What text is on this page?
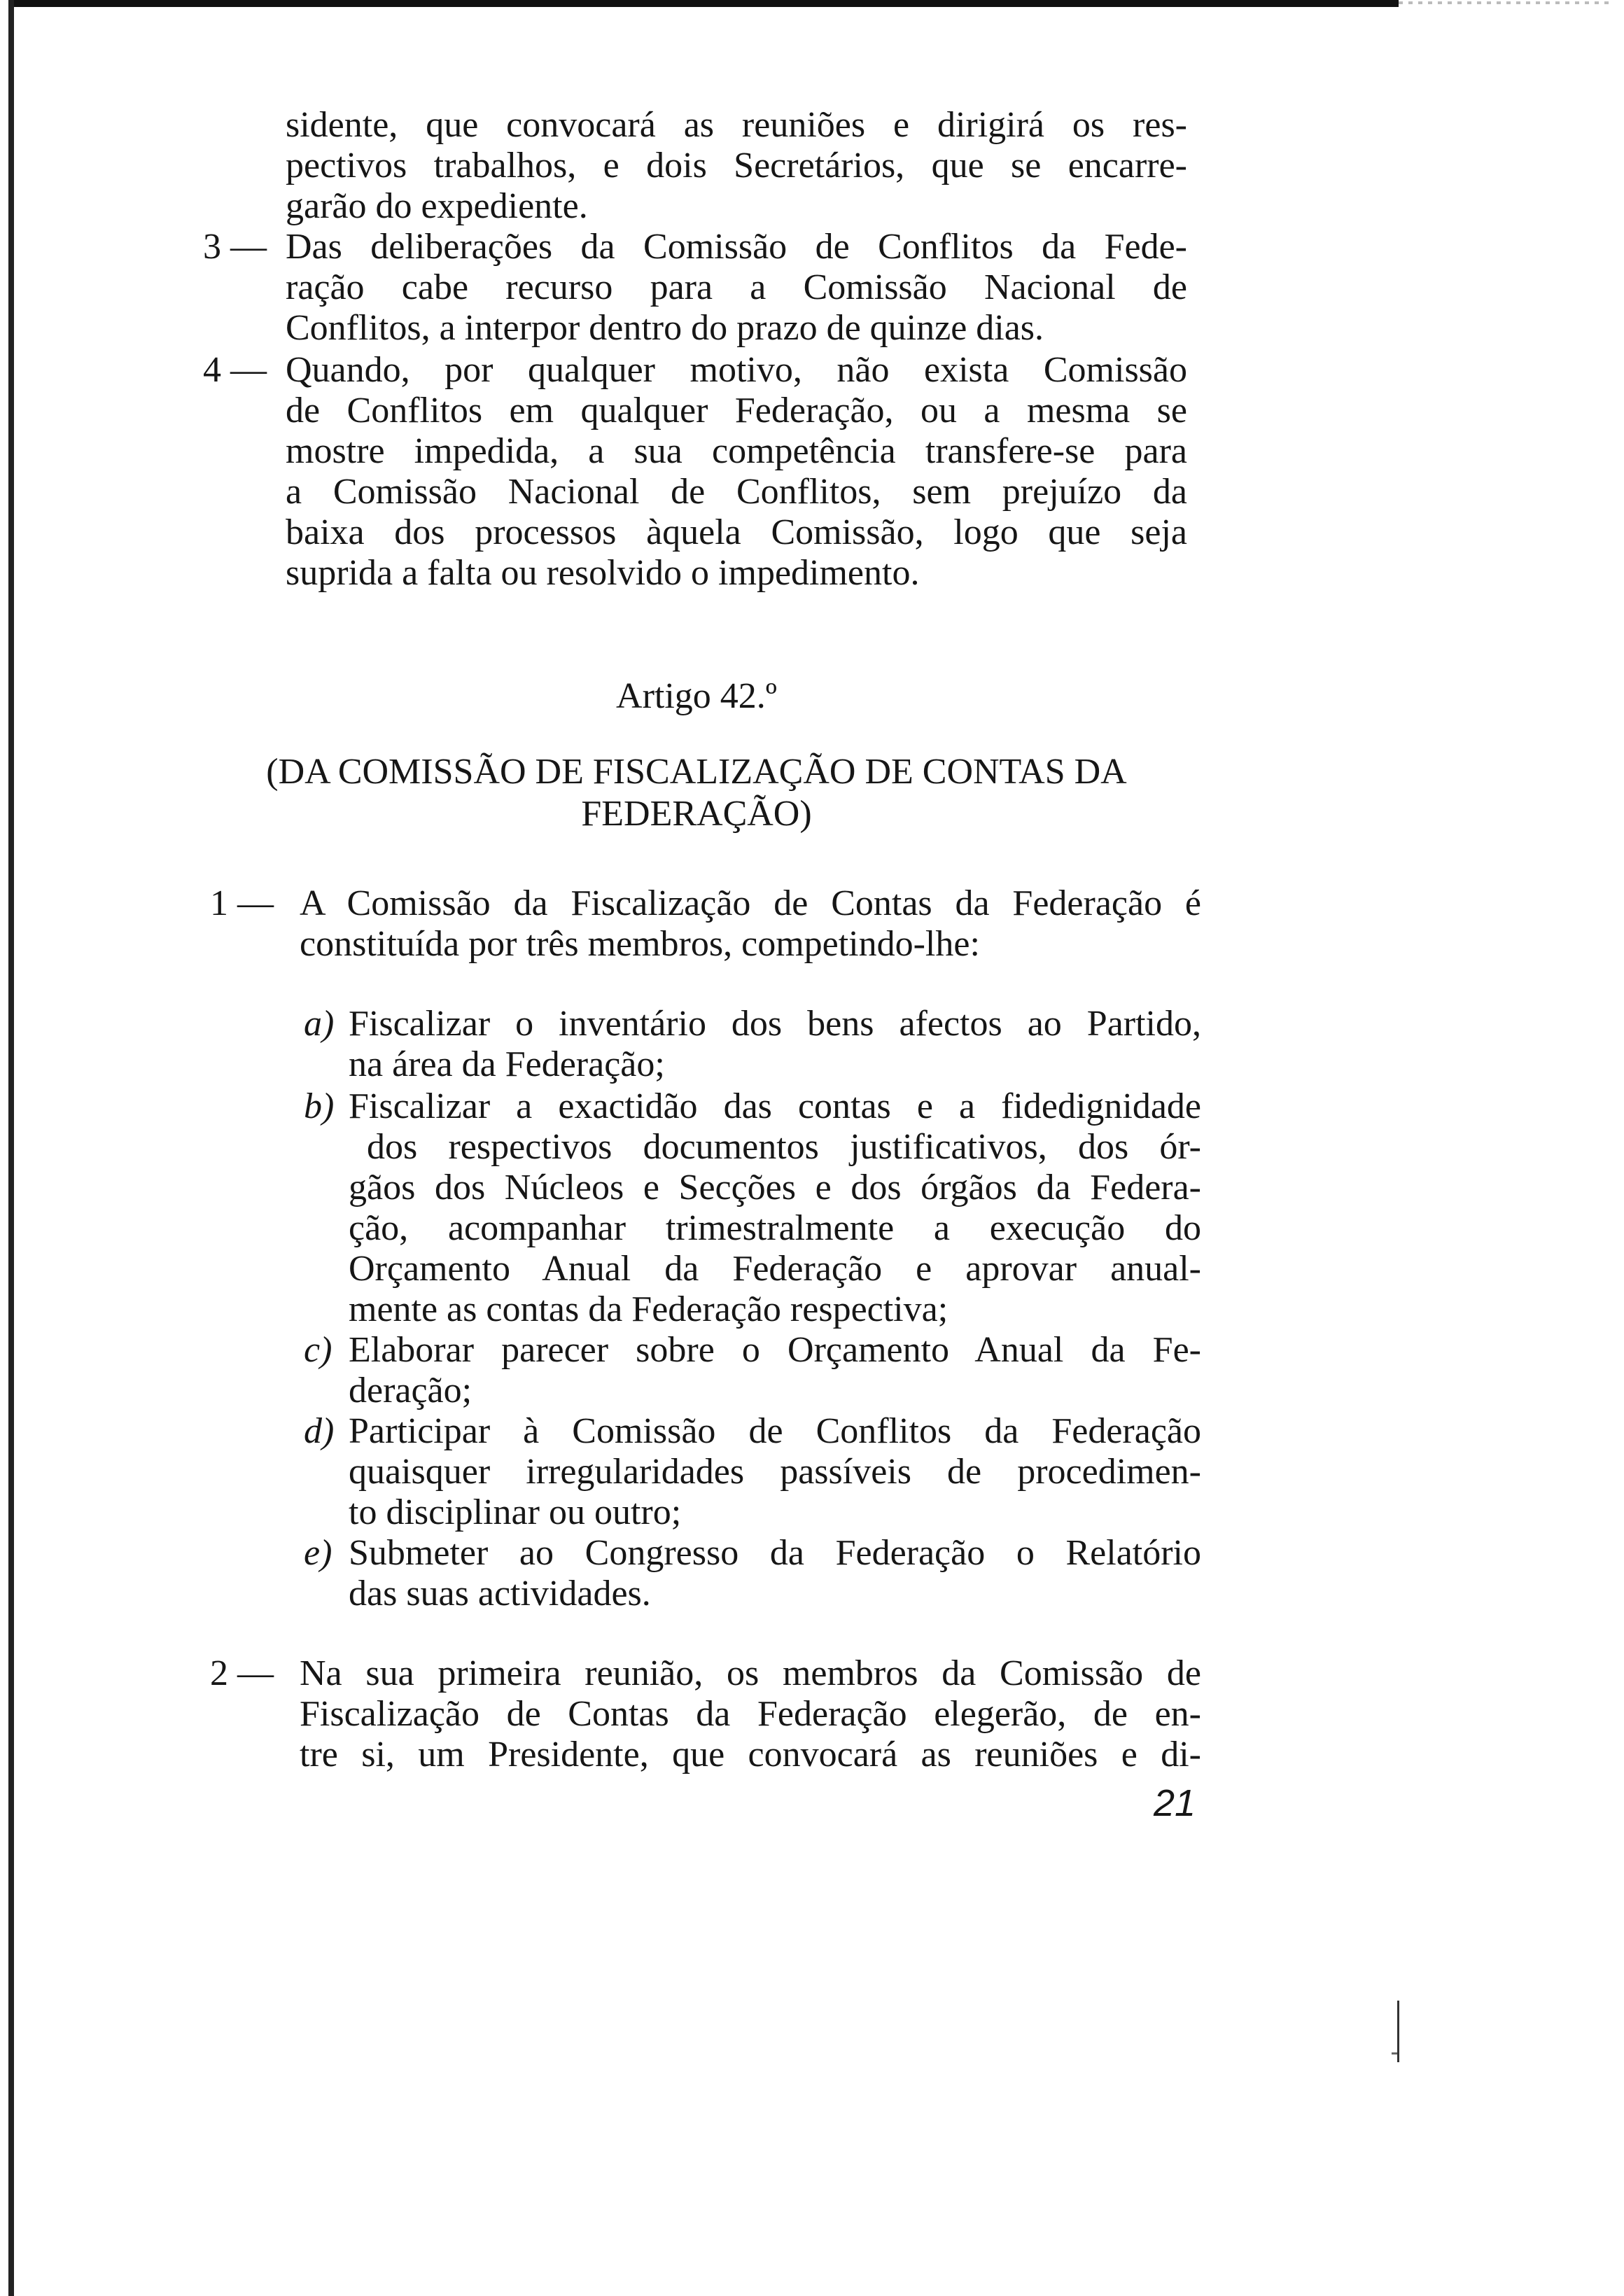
sidente, que convocará as reuniões e dirigirá os res-
pectivos trabalhos, e dois Secretários, que se encarre-
garão do expediente.
3 — Das deliberações da Comissão de Conflitos da Fede-
ração cabe recurso para a Comissão Nacional de
Conflitos, a interpor dentro do prazo de quinze dias.
4 — Quando, por qualquer motivo, não exista Comissão
de Conflitos em qualquer Federação, ou a mesma se
mostre impedida, a sua competência transfere-se para
a Comissão Nacional de Conflitos, sem prejuízo da
baixa dos processos àquela Comissão, logo que seja
suprida a falta ou resolvido o impedimento.
Artigo 42.º
(DA COMISSÃO DE FISCALIZAÇÃO DE CONTAS DA
FEDERAÇÃO)
1 — A Comissão da Fiscalização de Contas da Federação é
constituída por três membros, competindo-lhe:
a) Fiscalizar o inventário dos bens afectos ao Partido,
na área da Federação;
b) Fiscalizar a exactidão das contas e a fidedignidade
dos respectivos documentos justificativos, dos ór-
gãos dos Núcleos e Secções e dos órgãos da Federa-
ção, acompanhar trimestralmente a execução do
Orçamento Anual da Federação e aprovar anual-
mente as contas da Federação respectiva;
c) Elaborar parecer sobre o Orçamento Anual da Fe-
deração;
d) Participar à Comissão de Conflitos da Federação
quaisquer irregularidades passíveis de procedimen-
to disciplinar ou outro;
e) Submeter ao Congresso da Federação o Relatório
das suas actividades.
2 — Na sua primeira reunião, os membros da Comissão de
Fiscalização de Contas da Federação elegerão, de en-
tre si, um Presidente, que convocará as reuniões e di-
21
